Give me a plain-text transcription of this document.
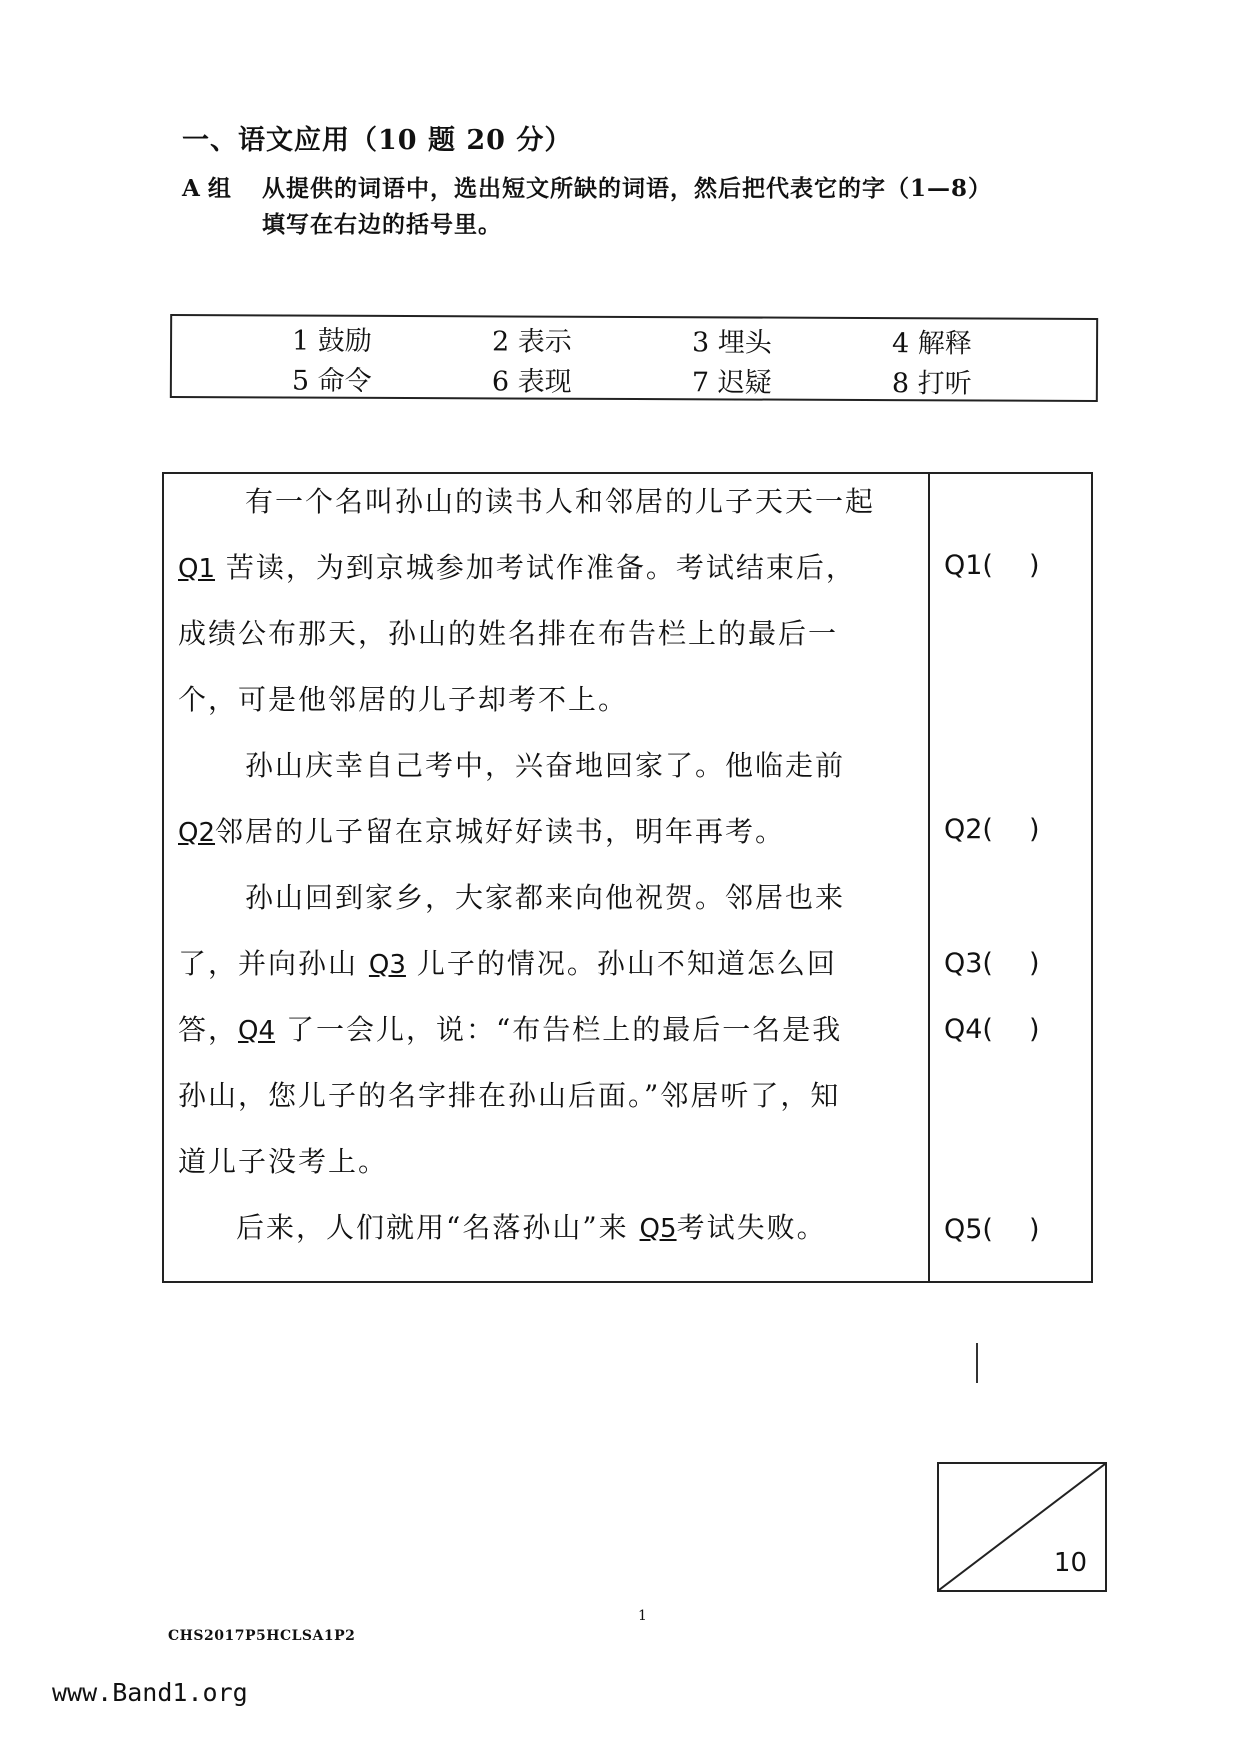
一、语文应用（10 题 20 分）
A 组 从提供的词语中，选出短文所缺的词语，然后把代表它的字（1—8）
填写在右边的括号里。
1 鼓励	2 表示	3 埋头	4 解释
5 命令	6 表现	7 迟疑	8 打听
有一个名叫孙山的读书人和邻居的儿子天天一起
Q1 苦读，为到京城参加考试作准备。考试结束后，
成绩公布那天，孙山的姓名排在布告栏上的最后一
个，可是他邻居的儿子却考不上。
孙山庆幸自己考中，兴奋地回家了。他临走前
Q2邻居的儿子留在京城好好读书，明年再考。
孙山回到家乡，大家都来向他祝贺。邻居也来
了，并向孙山 Q3 儿子的情况。孙山不知道怎么回
答，Q4 了一会儿，说：“布告栏上的最后一名是我
孙山，您儿子的名字排在孙山后面。”邻居听了，知
道儿子没考上。
后来，人们就用“名落孙山”来 Q5考试失败。
Q1( )
Q2( )
Q3( )
Q4( )
Q5( )
10
1
CHS2017P5HCLSA1P2
www.Band1.org
